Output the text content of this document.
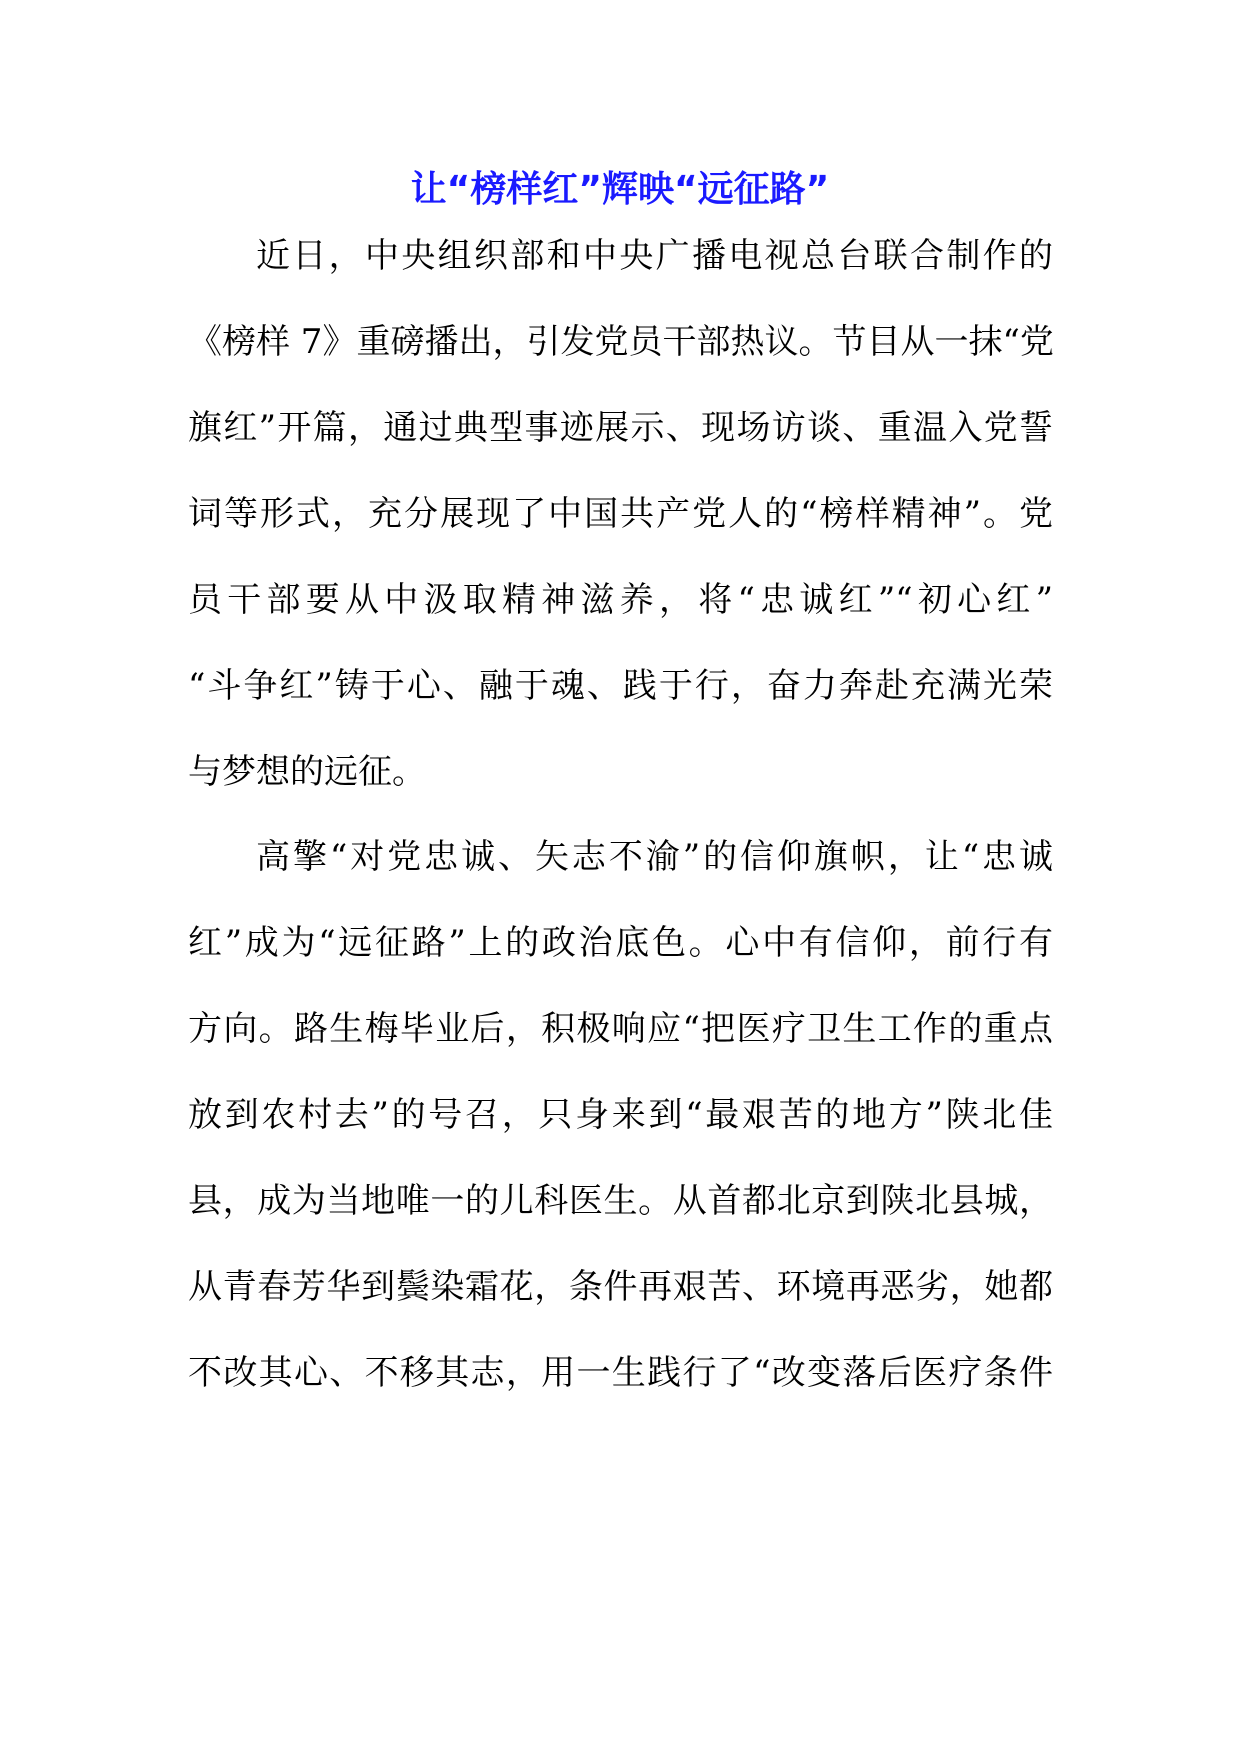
让“榜样红”辉映“远征路”
近日，中央组织部和中央广播电视总台联合制作的
《榜样 7》重磅播出，引发党员干部热议。节目从一抹“党
旗红”开篇，通过典型事迹展示、现场访谈、重温入党誓
词等形式，充分展现了中国共产党人的“榜样精神”。党
员干部要从中汲取精神滋养，将“忠诚红”“初心红”
“斗争红”铸于心、融于魂、践于行，奋力奔赴充满光荣
与梦想的远征。
高擎“对党忠诚、矢志不渝”的信仰旗帜，让“忠诚
红”成为“远征路”上的政治底色。心中有信仰，前行有
方向。路生梅毕业后，积极响应“把医疗卫生工作的重点
放到农村去”的号召，只身来到“最艰苦的地方”陕北佳
县，成为当地唯一的儿科医生。从首都北京到陕北县城，
从青春芳华到鬓染霜花，条件再艰苦、环境再恶劣，她都
不改其心、不移其志，用一生践行了“改变落后医疗条件
